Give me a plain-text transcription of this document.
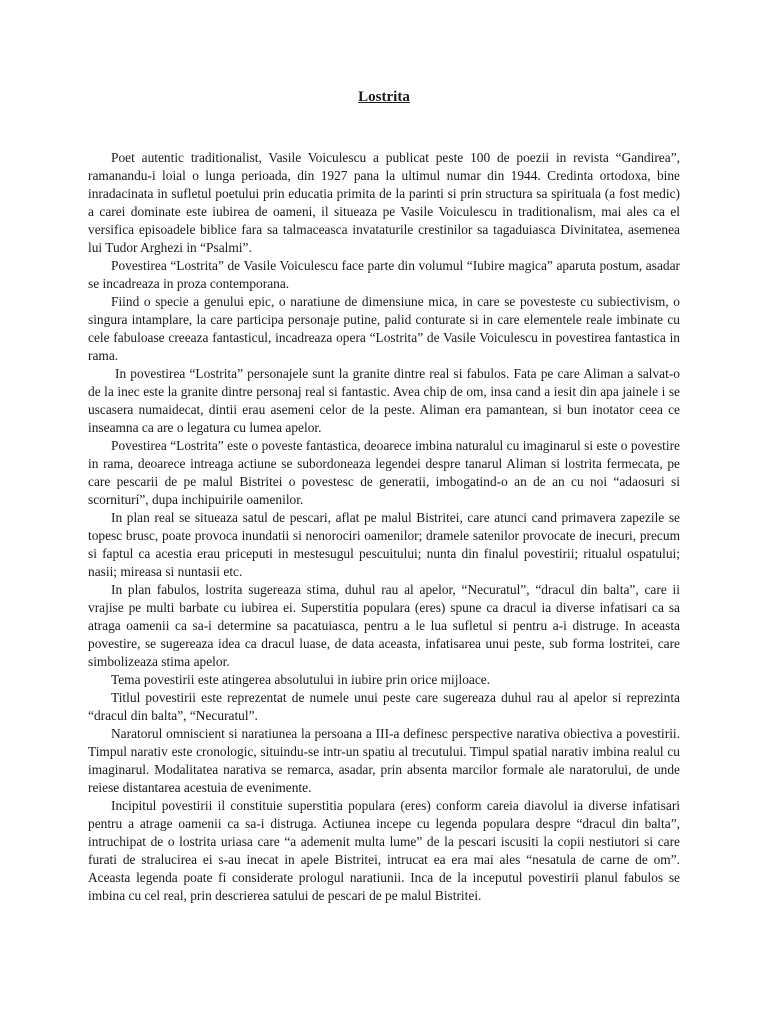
Lostrita

Poet autentic traditionalist, Vasile Voiculescu a publicat peste 100 de poezii in revista “Gandirea”, ramanandu-i loial o lunga perioada, din 1927 pana la ultimul numar din 1944. Credinta ortodoxa, bine inradacinata in sufletul poetului prin educatia primita de la parinti si prin structura sa spirituala (a fost medic) a carei dominate este iubirea de oameni, il situeaza pe Vasile Voiculescu in traditionalism, mai ales ca el versifica episoadele biblice fara sa talmaceasca invataturile crestinilor sa tagaduiasca Divinitatea, asemenea lui Tudor Arghezi in “Psalmi”.

Povestirea “Lostrita” de Vasile Voiculescu face parte din volumul “Iubire magica” aparuta postum, asadar se incadreaza in proza contemporana.

Fiind o specie a genului epic, o naratiune de dimensiune mica, in care se povesteste cu subiectivism, o singura intamplare, la care participa personaje putine, palid conturate si in care elementele reale imbinate cu cele fabuloase creeaza fantasticul, incadreaza opera “Lostrita” de Vasile Voiculescu in povestirea fantastica in rama.

In povestirea “Lostrita” personajele sunt la granite dintre real si fabulos. Fata pe care Aliman a salvat-o de la inec este la granite dintre personaj real si fantastic. Avea chip de om, insa cand a iesit din apa jainele i se uscasera numaidecat, dintii erau asemeni celor de la peste. Aliman era pamantean, si bun inotator ceea ce inseamna ca are o legatura cu lumea apelor.

Povestirea “Lostrita” este o poveste fantastica, deoarece imbina naturalul cu imaginarul si este o povestire in rama, deoarece intreaga actiune se subordoneaza legendei despre tanarul Aliman si lostrita fermecata, pe care pescarii de pe malul Bistritei o povestesc de generatii, imbogatind-o an de an cu noi “adaosuri si scorniturí”, dupa inchipuirile oamenilor.

In plan real se situeaza satul de pescari, aflat pe malul Bistritei, care atunci cand primavera zapezile se topesc brusc, poate provoca inundatii si nenorociri oamenilor; dramele satenilor provocate de inecuri, precum si faptul ca acestia erau priceputi in mestesugul pescuitului; nunta din finalul povestirii; ritualul ospatului; nasii; mireasa si nuntasii etc.

In plan fabulos, lostrita sugereaza stima, duhul rau al apelor, “Necuratul”, “dracul din balta”, care ii vrajise pe multi barbate cu iubirea ei. Superstitia populara (eres) spune ca dracul ia diverse infatisari ca sa atraga oamenii ca sa-i determine sa pacatuiasca, pentru a le lua sufletul si pentru a-i distruge. In aceasta povestire, se sugereaza idea ca dracul luase, de data aceasta, infatisarea unui peste, sub forma lostritei, care simbolizeaza stima apelor.

Tema povestirii este atingerea absolutului in iubire prin orice mijloace.

Titlul povestirii este reprezentat de numele unui peste care sugereaza duhul rau al apelor si reprezinta “dracul din balta”, “Necuratul”.

Naratorul omniscient si naratiunea la persoana a III-a definesc perspective narativa obiectiva a povestirii. Timpul narativ este cronologic, situindu-se intr-un spatiu al trecutului. Timpul spatial narativ imbina realul cu imaginarul. Modalitatea narativa se remarca, asadar, prin absenta marcilor formale ale naratorului, de unde reiese distantarea acestuia de evenimente.

Incipitul povestirii il constituie superstitia populara (eres) conform careia diavolul ia diverse infatisari pentru a atrage oamenii ca sa-i distruga. Actiunea incepe cu legenda populara despre “dracul din balta”, intruchipat de o lostrita uriasa care “a ademenit multa lume” de la pescari iscusiti la copii nestiutori si care furati de stralucirea ei s-au inecat in apele Bistritei, intrucat ea era mai ales “nesatula de carne de om”. Aceasta legenda poate fi considerate prologul naratiunii. Inca de la inceputul povestirii planul fabulos se imbina cu cel real, prin descrierea satului de pescari de pe malul Bistritei.
